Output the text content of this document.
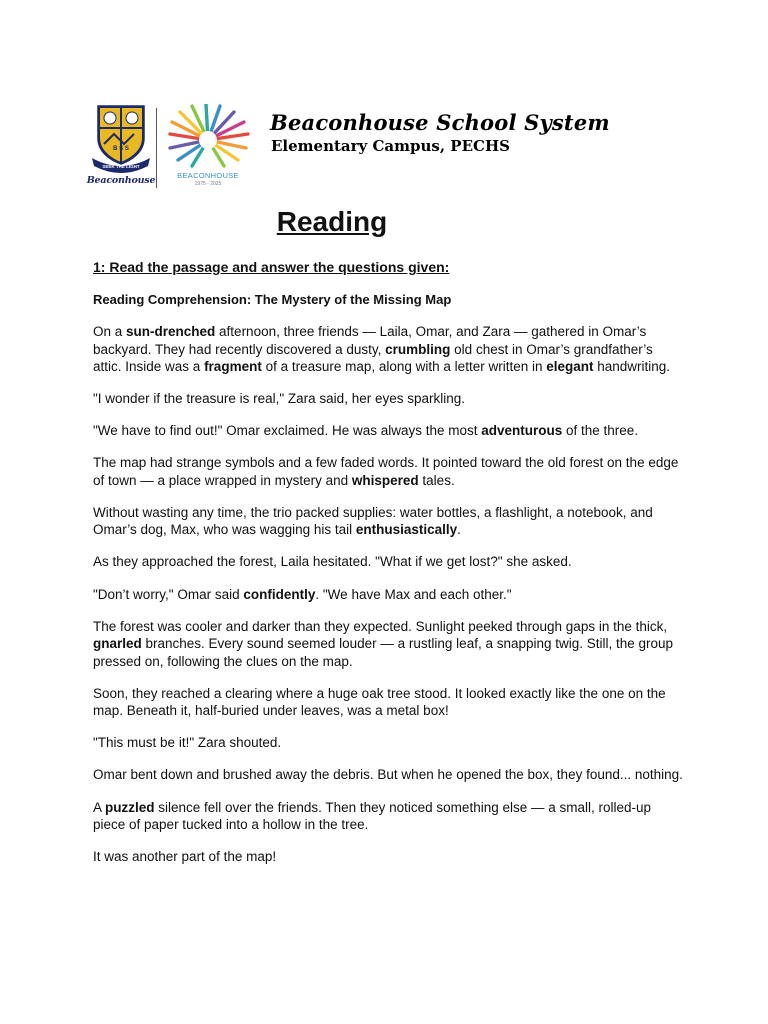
SEEK THE LIGHT
B S S
Beaconhouse	BEACONHOUSE
1975 - 2025
Beaconhouse School System
Elementary Campus, PECHS
Reading
1: Read the passage and answer the questions given:
Reading Comprehension: The Mystery of the Missing Map

On a sun-drenched afternoon, three friends — Laila, Omar, and Zara — gathered in Omar’s backyard. They had recently discovered a dusty, crumbling old chest in Omar’s grandfather’s attic. Inside was a fragment of a treasure map, along with a letter written in elegant handwriting.

"I wonder if the treasure is real," Zara said, her eyes sparkling.

"We have to find out!" Omar exclaimed. He was always the most adventurous of the three.

The map had strange symbols and a few faded words. It pointed toward the old forest on the edge of town — a place wrapped in mystery and whispered tales.

Without wasting any time, the trio packed supplies: water bottles, a flashlight, a notebook, and Omar’s dog, Max, who was wagging his tail enthusiastically.

As they approached the forest, Laila hesitated. "What if we get lost?" she asked.

"Don’t worry," Omar said confidently. "We have Max and each other."

The forest was cooler and darker than they expected. Sunlight peeked through gaps in the thick, gnarled branches. Every sound seemed louder — a rustling leaf, a snapping twig. Still, the group pressed on, following the clues on the map.

Soon, they reached a clearing where a huge oak tree stood. It looked exactly like the one on the map. Beneath it, half-buried under leaves, was a metal box!

"This must be it!" Zara shouted.

Omar bent down and brushed away the debris. But when he opened the box, they found... nothing.

A puzzled silence fell over the friends. Then they noticed something else — a small, rolled-up piece of paper tucked into a hollow in the tree.

It was another part of the map!
